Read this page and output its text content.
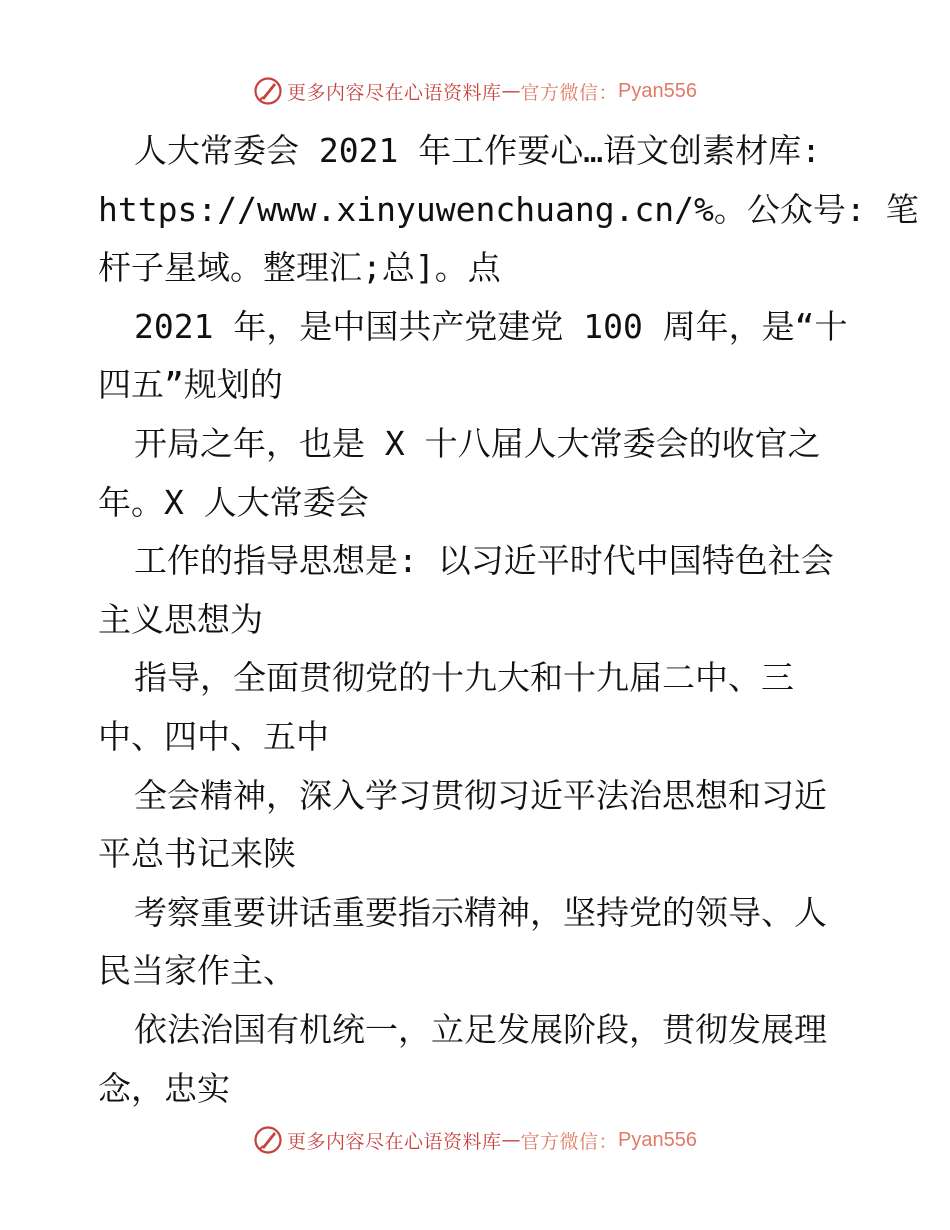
更多内容尽在心语资料库 — 官方微信： Pyan556
人大常委会 2021 年工作要心…语文创素材库:
https://www.xinyuwenchuang.cn/%。公众号: 笔
杆子星域。整理汇;总]。点
2021 年，是中国共产党建党 100 周年，是“十
四五”规划的
开局之年，也是 X 十八届人大常委会的收官之
年。X 人大常委会
工作的指导思想是: 以习近平时代中国特色社会
主义思想为
指导，全面贯彻党的十九大和十九届二中、三
中、四中、五中
全会精神，深入学习贯彻习近平法治思想和习近
平总书记来陕
考察重要讲话重要指示精神，坚持党的领导、人
民当家作主、
依法治国有机统一，立足发展阶段，贯彻发展理
念，忠实
更多内容尽在心语资料库 — 官方微信： Pyan556
